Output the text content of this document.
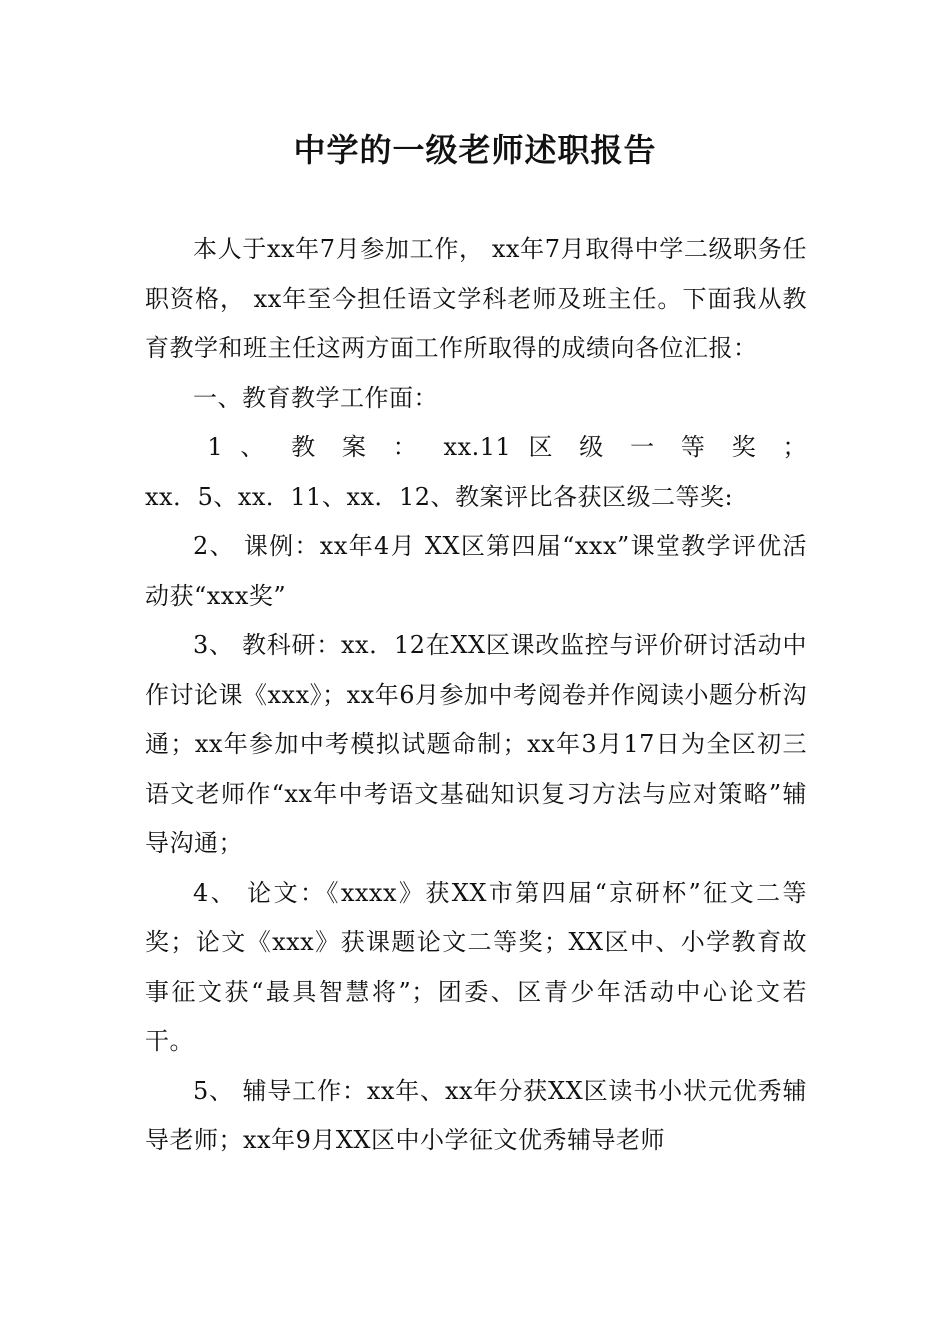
中学的一级老师述职报告

本人于xx年7月参加工作， xx年7月取得中学二级职务任职资格， xx年至今担任语文学科老师及班主任。下面我从教育教学和班主任这两方面工作所取得的成绩向各位汇报：

一、教育教学工作面：

1 、 教 案 ： xx.11 区 级 一 等 奖 ；

xx．5、xx．11、xx．12、教案评比各获区级二等奖:

2、 课例：xx年4月 XX区第四届“xxx”课堂教学评优活动获“xxx奖”

3、 教科研：xx．12在XX区课改监控与评价研讨活动中作讨论课《xxx》；xx年6月参加中考阅卷并作阅读小题分析沟通；xx年参加中考模拟试题命制；xx年3月17日为全区初三语文老师作“xx年中考语文基础知识复习方法与应对策略”辅导沟通；

4、 论文：《xxxx》获XX市第四届“京研杯”征文二等奖；论文《xxx》获课题论文二等奖；XX区中、小学教育故事征文获“最具智慧将”；团委、区青少年活动中心论文若干。

5、 辅导工作：xx年、xx年分获XX区读书小状元优秀辅导老师；xx年9月XX区中小学征文优秀辅导老师
